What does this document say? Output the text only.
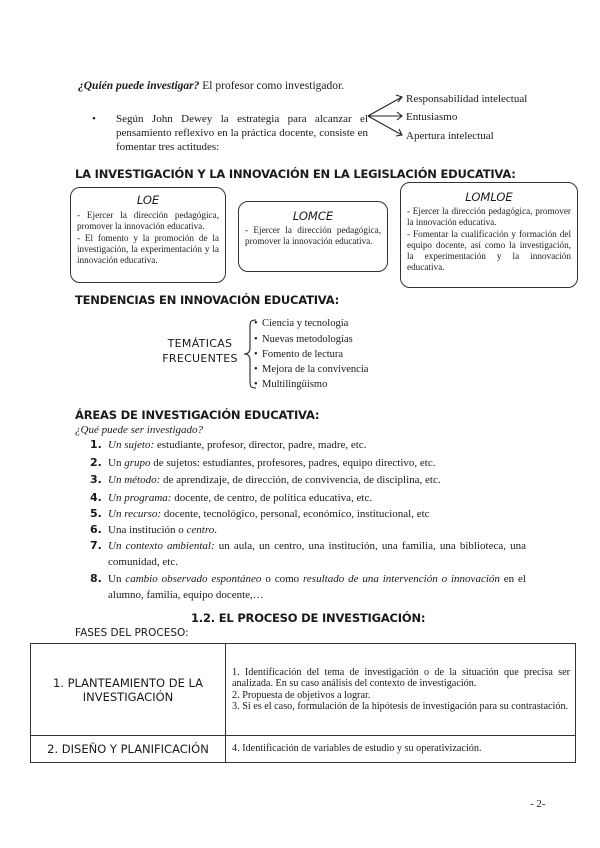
¿Quién puede investigar? El profesor como investigador.
• Según John Dewey la estrategia para alcanzar el pensamiento reflexivo en la práctica docente, consiste en fomentar tres actitudes:
Responsabilidad intelectual
Entusiasmo
Apertura intelectual
LA INVESTIGACIÓN Y LA INNOVACIÓN EN LA LEGISLACIÓN EDUCATIVA:
LOE
- Ejercer la dirección pedagógica, promover la innovación educativa.
- El fomento y la promoción de la investigación, la experimentación y la innovación educativa.
LOMCE
- Ejercer la dirección pedagógica, promover la innovación educativa.
LOMLOE
- Ejercer la dirección pedagógica, promover la innovación educativa.
- Fomentar la cualificación y formación del equipo docente, así como la investigación, la experimentación y la innovación educativa.
TENDENCIAS EN INNOVACIÓN EDUCATIVA:
TEMÁTICAS
FRECUENTES
• Ciencia y tecnología
• Nuevas metodologías
• Fomento de lectura
• Mejora de la convivencia
• Multilingüismo
ÁREAS DE INVESTIGACIÓN EDUCATIVA:
¿Qué puede ser investigado?
1. Un sujeto: estudiante, profesor, director, padre, madre, etc.
2. Un grupo de sujetos: estudiantes, profesores, padres, equipo directivo, etc.
3. Un método: de aprendizaje, de dirección, de convivencia, de disciplina, etc.
4. Un programa: docente, de centro, de política educativa, etc.
5. Un recurso: docente, tecnológico, personal, económico, institucional, etc
6. Una institución o centro.
7. Un contexto ambiental: un aula, un centro, una institución, una familia, una biblioteca, una comunidad, etc.
8. Un cambio observado espontáneo o como resultado de una intervención o innovación en el alumno, familia, equipo docente,…
1.2. EL PROCESO DE INVESTIGACIÓN:
FASES DEL PROCESO:
1. PLANTEAMIENTO DE LA INVESTIGACIÓN	1. Identificación del tema de investigación o de la situación que precisa ser analizada. En su caso análisis del contexto de investigación.
2. Propuesta de objetivos a lograr.
3. Si es el caso, formulación de la hipótesis de investigación para su contrastación.

2. DISEÑO Y PLANIFICACIÓN	4. Identificación de variables de estudio y su operativización.
- 2-
